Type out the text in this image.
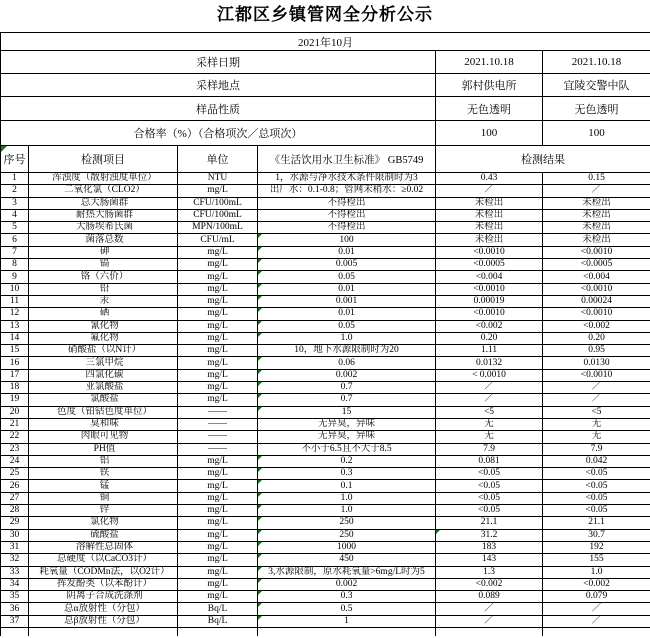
江都区乡镇管网全分析公示
2021年10月					
采样日期				2021.10.18	2021.10.18
采样地点				郭村供电所	宜陵交警中队
样品性质				无色透明	无色透明
合格率（%）（合格项次／总项次）				100	100

序号	检测项目	单位	《生活饮用水卫生标准》 GB5749	检测结果	
1	浑浊度（散射浊度单位）	NTU	1，水源与净水技术条件限制时为3	0.43	0.15
2	二氧化氯（CLO2）	mg/L	出厂水：0.1-0.8；管网末稍水：≥0.02	／	／
3	总大肠菌群	CFU/100mL	不得检出	未检出	未检出
4	耐热大肠菌群	CFU/100mL	不得检出	未检出	未检出
5	大肠埃希氏菌	MPN/100mL	不得检出	未检出	未检出
6	菌落总数	CFU/mL	100	未检出	未检出
7	砷	mg/L	0.01	<0.0010	<0.0010
8	镉	mg/L	0.005	<0.0005	<0.0005
9	铬（六价）	mg/L	0.05	<0.004	<0.004
10	铅	mg/L	0.01	<0.0010	<0.0010
11	汞	mg/L	0.001	0.00019	0.00024
12	硒	mg/L	0.01	<0.0010	<0.0010
13	氰化物	mg/L	0.05	<0.002	<0.002
14	氟化物	mg/L	1.0	0.20	0.20
15	硝酸盐（以N计）	mg/L	10，地下水源限制时为20	1.11	0.95
16	三氯甲烷	mg/L	0.06	0.0132	0.0130
17	四氯化碳	mg/L	0.002	< 0.0010	<0.0010
18	亚氯酸盐	mg/L	0.7	／	／
19	氯酸盐	mg/L	0.7	／	／
20	色度（铂钴色度单位）	——	15	<5	<5
21	臭和味	——	无异臭，异味	无	无
22	肉眼可见物	——	无异臭，异味	无	无
23	PH值	——	不小于6.5且不大于8.5	7.9	7.9
24	铝	mg/L	0.2	0.081	0.042
25	铁	mg/L	0.3	<0.05	<0.05
26	锰	mg/L	0.1	<0.05	<0.05
27	铜	mg/L	1.0	<0.05	<0.05
28	锌	mg/L	1.0	<0.05	<0.05
29	氯化物	mg/L	250	21.1	21.1
30	硫酸盐	mg/L	250	31.2	30.7
31	溶解性总固体	mg/L	1000	183	192
32	总硬度（以CaCO3计）	mg/L	450	143	155
33	耗氧量（CODMn法，以O2计）	mg/L	3,水源限制，原水耗氧量>6mg/L时为5	1.3	1.0
34	挥发酚类（以苯酚计）	mg/L	0.002	<0.002	<0.002
35	阴离子合成洗涤剂	mg/L	0.3	0.089	0.079
36	总α放射性（分包）	Bq/L	0.5	／	／
37	总β放射性（分包）	Bq/L	1	／	／
